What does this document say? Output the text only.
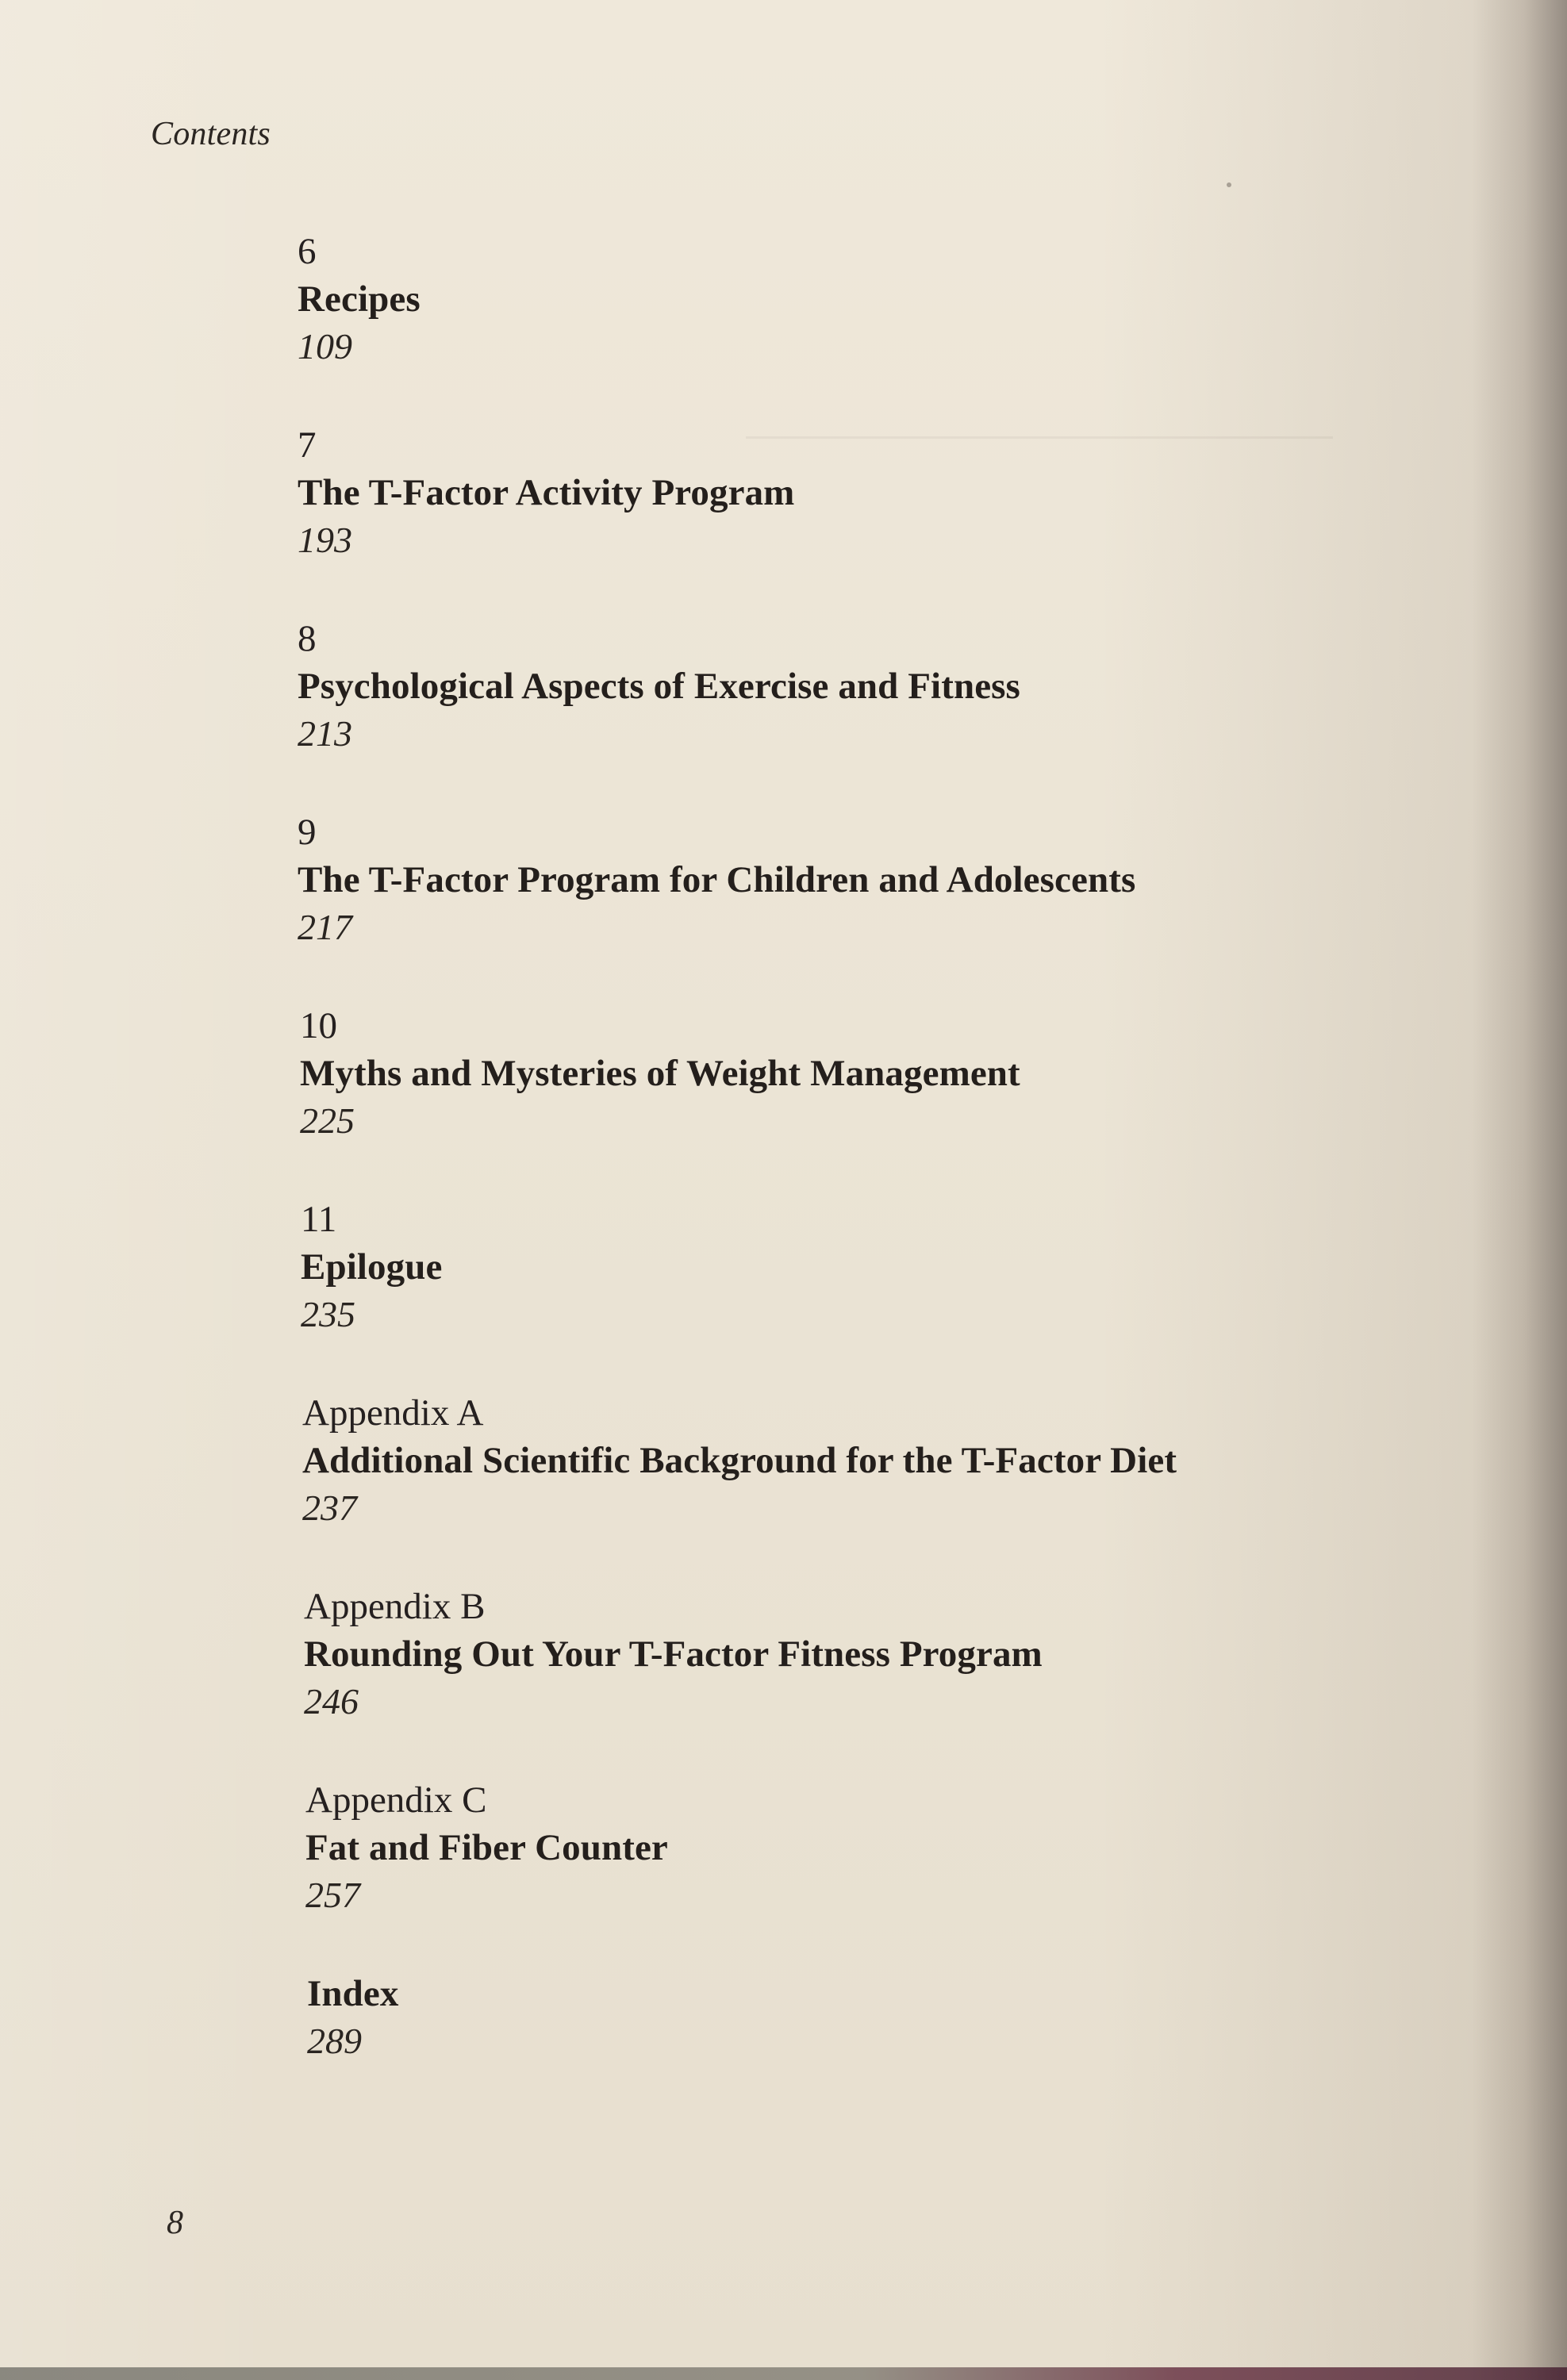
Contents
6
Recipes
109
7
The T-Factor Activity Program
193
8
Psychological Aspects of Exercise and Fitness
213
9
The T-Factor Program for Children and Adolescents
217
10
Myths and Mysteries of Weight Management
225
11
Epilogue
235
Appendix A
Additional Scientific Background for the T-Factor Diet
237
Appendix B
Rounding Out Your T-Factor Fitness Program
246
Appendix C
Fat and Fiber Counter
257
Index
289
8
